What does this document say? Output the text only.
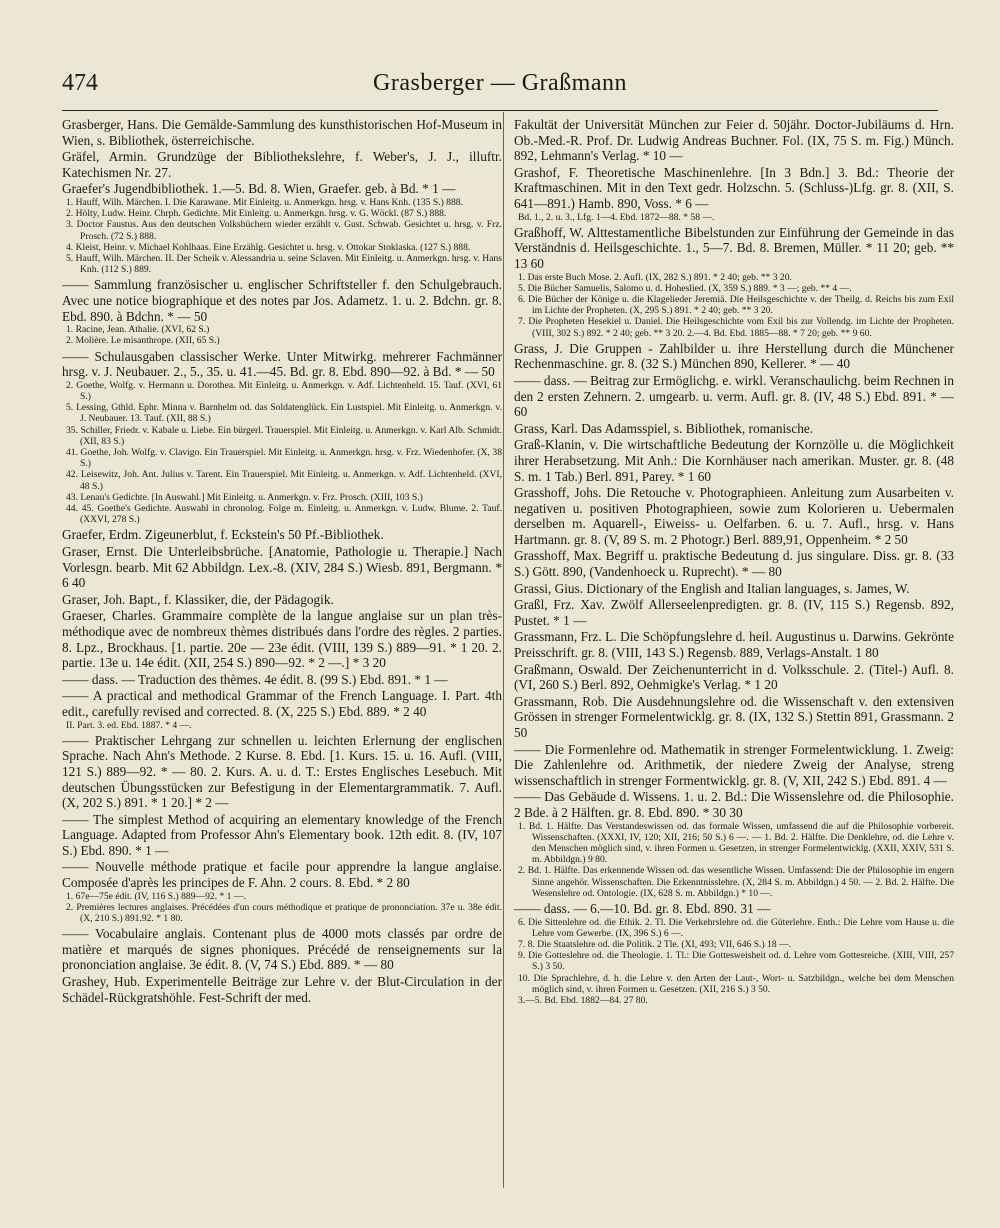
474	Grasberger — Graßmann

Grasberger, Hans. Die Gemälde-Sammlung des kunsthistorischen Hof-Museum in Wien, s. Bibliothek, österreichische.

Gräfel, Armin. Grundzüge der Bibliothekslehre, f. Weber's, J. J., illuftr. Katechismen Nr. 27.

Graefer's Jugendbibliothek. 1.—5. Bd. 8. Wien, Graefer. geb. à Bd. * 1 —

1. Hauff, Wilh. Märchen. I. Die Karawane. Mit Einleitg. u. Anmerkgn. hrsg. v. Hans Knh. (135 S.) 888.

2. Hölty, Ludw. Heinr. Chrph. Gedichte. Mit Einleitg. u. Anmerkgn. hrsg. v. G. Wöckl. (87 S.) 888.

3. Doctor Faustus. Aus den deutschen Volksbüchern wieder erzählt v. Gust. Schwab. Gesichtet u. hrsg. v. Frz. Prosch. (72 S.) 888.

4. Kleist, Heinr. v. Michael Kohlhaas. Eine Erzählg. Gesichtet u. hrsg. v. Ottokar Stoklaska. (127 S.) 888.

5. Hauff, Wilh. Märchen. II. Der Scheik v. Alessandria u. seine Sclaven. Mit Einleitg. u. Anmerkgn. hrsg. v. Hans Knh. (112 S.) 889.

—— Sammlung französischer u. englischer Schriftsteller f. den Schulgebrauch. Avec une notice biographique et des notes par Jos. Adametz. 1. u. 2. Bdchn. gr. 8. Ebd. 890. à Bdchn. * — 50

1. Racine, Jean. Athalie. (XVI, 62 S.)

2. Molière. Le misanthrope. (XII, 65 S.)

—— Schulausgaben classischer Werke. Unter Mitwirkg. mehrerer Fachmänner hrsg. v. J. Neubauer. 2., 5., 35. u. 41.—45. Bd. gr. 8. Ebd. 890—92. à Bd. * — 50

2. Goethe, Wolfg. v. Hermann u. Dorothea. Mit Einleitg. u. Anmerkgn. v. Adf. Lichtenheld. 15. Tauf. (XVI, 61 S.)

5. Lessing, Gthld. Ephr. Minna v. Barnhelm od. das Soldatenglück. Ein Lustspiel. Mit Einleitg. u. Anmerkgn. v. J. Neubauer. 13. Tauf. (XII, 88 S.)

35. Schiller, Friedr. v. Kabale u. Liebe. Ein bürgerl. Trauerspiel. Mit Einleitg. u. Anmerkgn. v. Karl Alb. Schmidt. (XII, 83 S.)

41. Goethe, Joh. Wolfg. v. Clavigo. Ein Trauerspiel. Mit Einleitg. u. Anmerkgn. hrsg. v. Frz. Wiedenhofer. (X, 38 S.)

42. Leisewitz, Joh. Ant. Julius v. Tarent. Ein Trauerspiel. Mit Einleitg. u. Anmerkgn. v. Adf. Lichtenheld. (XVI, 48 S.)

43. Lenau's Gedichte. [In Auswahl.] Mit Einleitg. u. Anmerkgn. v. Frz. Prosch. (XIII, 103 S.)

44. 45. Goethe's Gedichte. Auswahl in chronolog. Folge m. Einleitg. u. Anmerkgn. v. Ludw. Blume. 2. Tauf. (XXVI, 278 S.)

Graefer, Erdm. Zigeunerblut, f. Eckstein's 50 Pf.-Bibliothek.

Graser, Ernst. Die Unterleibsbrüche. [Anatomie, Pathologie u. Therapie.] Nach Vorlesgn. bearb. Mit 62 Abbildgn. Lex.-8. (XIV, 284 S.) Wiesb. 891, Bergmann. * 6 40

Graser, Joh. Bapt., f. Klassiker, die, der Pädagogik.

Graeser, Charles. Grammaire complète de la langue anglaise sur un plan très-méthodique avec de nombreux thèmes distribués dans l'ordre des règles. 2 parties. 8. Lpz., Brockhaus. [1. partie. 20e — 23e édit. (VIII, 139 S.) 889—91. * 1 20. 2. partie. 13e u. 14e édit. (XII, 254 S.) 890—92. * 2 —.] * 3 20

—— dass. — Traduction des thèmes. 4e édit. 8. (99 S.) Ebd. 891. * 1 —

—— A practical and methodical Grammar of the French Language. I. Part. 4th edit., carefully revised and corrected. 8. (X, 225 S.) Ebd. 889. * 2 40

II. Part. 3. ed. Ebd. 1887. * 4 —.

—— Praktischer Lehrgang zur schnellen u. leichten Erlernung der englischen Sprache. Nach Ahn's Methode. 2 Kurse. 8. Ebd. [1. Kurs. 15. u. 16. Aufl. (VIII, 121 S.) 889—92. * — 80. 2. Kurs. A. u. d. T.: Erstes Englisches Lesebuch. Mit deutschen Übungsstücken zur Befestigung in der Elementargrammatik. 7. Aufl. (X, 202 S.) 891. * 1 20.] * 2 —

—— The simplest Method of acquiring an elementary knowledge of the French Language. Adapted from Professor Ahn's Elementary book. 12th edit. 8. (IV, 107 S.) Ebd. 890. * 1 —

—— Nouvelle méthode pratique et facile pour apprendre la langue anglaise. Composée d'après les principes de F. Ahn. 2 cours. 8. Ebd. * 2 80

1. 67e—75e édit. (IV, 116 S.) 889—92. * 1 —.

2. Premières lectures anglaises. Précédées d'un cours méthodique et pratique de prononciation. 37e u. 38e édit. (X, 210 S.) 891.92. * 1 80.

—— Vocabulaire anglais. Contenant plus de 4000 mots classés par ordre de matière et marqués de signes phoniques. Précédé de renseignements sur la prononciation anglaise. 3e édit. 8. (V, 74 S.) Ebd. 889. * — 80

Grashey, Hub. Experimentelle Beiträge zur Lehre v. der Blut-Circulation in der Schädel-Rückgratshöhle. Fest-Schrift der med.

Fakultät der Universität München zur Feier d. 50jähr. Doctor-Jubiläums d. Hrn. Ob.-Med.-R. Prof. Dr. Ludwig Andreas Buchner. Fol. (IX, 75 S. m. Fig.) Münch. 892, Lehmann's Verlag. * 10 —

Grashof, F. Theoretische Maschinenlehre. [In 3 Bdn.] 3. Bd.: Theorie der Kraftmaschinen. Mit in den Text gedr. Holzschn. 5. (Schluss-)Lfg. gr. 8. (XII, S. 641—891.) Hamb. 890, Voss. * 6 —

Bd. 1., 2. u. 3., Lfg. 1—4. Ebd. 1872—88. * 58 —.

Graßhoff, W. Alttestamentliche Bibelstunden zur Einführung der Gemeinde in das Verständnis d. Heilsgeschichte. 1., 5—7. Bd. 8. Bremen, Müller. * 11 20; geb. ** 13 60

1. Das erste Buch Mose. 2. Aufl. (IX, 282 S.) 891. * 2 40; geb. ** 3 20.

5. Die Bücher Samuelis, Salomo u. d. Hoheslied. (X, 359 S.) 889. * 3 —; geb. ** 4 —.

6. Die Bücher der Könige u. die Klagelieder Jeremiä. Die Heilsgeschichte v. der Theilg. d. Reichs bis zum Exil im Lichte der Propheten. (X, 295 S.) 891. * 2 40; geb. ** 3 20.

7. Die Propheten Hesekiel u. Daniel. Die Heilsgeschichte vom Exil bis zur Vollendg. im Lichte der Propheten. (VIII, 302 S.) 892. * 2 40; geb. ** 3 20. 2.—4. Bd. Ebd. 1885—88. * 7 20; geb. ** 9 60.

Grass, J. Die Gruppen - Zahlbilder u. ihre Herstellung durch die Münchener Rechenmaschine. gr. 8. (32 S.) München 890, Kellerer. * — 40

—— dass. — Beitrag zur Ermöglichg. e. wirkl. Veranschaulichg. beim Rechnen in den 2 ersten Zehnern. 2. umgearb. u. verm. Aufl. gr. 8. (IV, 48 S.) Ebd. 891. * — 60

Grass, Karl. Das Adamsspiel, s. Bibliothek, romanische.

Graß-Klanin, v. Die wirtschaftliche Bedeutung der Kornzölle u. die Möglichkeit ihrer Herabsetzung. Mit Anh.: Die Kornhäuser nach amerikan. Muster. gr. 8. (48 S. m. 1 Tab.) Berl. 891, Parey. * 1 60

Grasshoff, Johs. Die Retouche v. Photographieen. Anleitung zum Ausarbeiten v. negativen u. positiven Photographieen, sowie zum Kolorieren u. Uebermalen derselben m. Aquarell-, Eiweiss- u. Oelfarben. 6. u. 7. Aufl., hrsg. v. Hans Hartmann. gr. 8. (V, 89 S. m. 2 Photogr.) Berl. 889,91, Oppenheim. * 2 50

Grasshoff, Max. Begriff u. praktische Bedeutung d. jus singulare. Diss. gr. 8. (33 S.) Gött. 890, (Vandenhoeck u. Ruprecht). * — 80

Grassi, Gius. Dictionary of the English and Italian languages, s. James, W.

Graßl, Frz. Xav. Zwölf Allerseelenpredigten. gr. 8. (IV, 115 S.) Regensb. 892, Pustet. * 1 —

Grassmann, Frz. L. Die Schöpfungslehre d. heil. Augustinus u. Darwins. Gekrönte Preisschrift. gr. 8. (VIII, 143 S.) Regensb. 889, Verlags-Anstalt. 1 80

Graßmann, Oswald. Der Zeichenunterricht in d. Volksschule. 2. (Titel-) Aufl. 8. (VI, 260 S.) Berl. 892, Oehmigke's Verlag. * 1 20

Grassmann, Rob. Die Ausdehnungslehre od. die Wissenschaft v. den extensiven Grössen in strenger Formelentwicklg. gr. 8. (IX, 132 S.) Stettin 891, Grassmann. 2 50

—— Die Formenlehre od. Mathematik in strenger Formelentwicklung. 1. Zweig: Die Zahlenlehre od. Arithmetik, der niedere Zweig der Analyse, streng wissenschaftlich in strenger Formentwicklg. gr. 8. (V, XII, 242 S.) Ebd. 891. 4 —

—— Das Gebäude d. Wissens. 1. u. 2. Bd.: Die Wissenslehre od. die Philosophie. 2 Bde. à 2 Hälften. gr. 8. Ebd. 890. * 30 30

1. Bd. 1. Hälfte. Das Verstandeswissen od. das formale Wissen, umfassend die auf die Philosophie vorbereit. Wissenschaften. (XXXI, IV, 120; XII, 216; 50 S.) 6 —. — 1. Bd. 2. Hälfte. Die Denklehre, od. die Lehre v. den Menschen möglich sind, v. ihren Formen u. Gesetzen, in strenger Formelentwicklg. (XXII, XXIV, 531 S. m. Abbildgn.) 9 80.

2. Bd. 1. Hälfte. Das erkennende Wissen od. das wesentliche Wissen. Umfassend: Die der Philosophie im engern Sinne angehör. Wissenschaften. Die Erkenntnisslehre. (X, 284 S. m. Abbildgn.) 4 50. — 2. Bd. 2. Hälfte. Die Wesenslehre od. Ontologie. (IX, 628 S. m. Abbildgn.) * 10 —.

—— dass. — 6.—10. Bd. gr. 8. Ebd. 890. 31 —

6. Die Sittenlehre od. die Ethik. 2. Tl. Die Verkehrslehre od. die Güterlehre. Enth.: Die Lehre vom Hause u. die Lehre vom Gewerbe. (IX, 396 S.) 6 —.

7. 8. Die Staatslehre od. die Politik. 2 Tle. (XI, 493; VII, 646 S.) 18 —.

9. Die Gotteslehre od. die Theologie. 1. Tl.: Die Gottesweisheit od. d. Lehre vom Gottesreiche. (XIII, VIII, 257 S.) 3 50.

10. Die Sprachlehre, d. h. die Lehre v. den Arten der Laut-, Wort- u. Satzbildgn., welche bei dem Menschen möglich sind, v. ihren Formen u. Gesetzen. (XII, 216 S.) 3 50.

3.—5. Bd. Ebd. 1882—84. 27 80.
